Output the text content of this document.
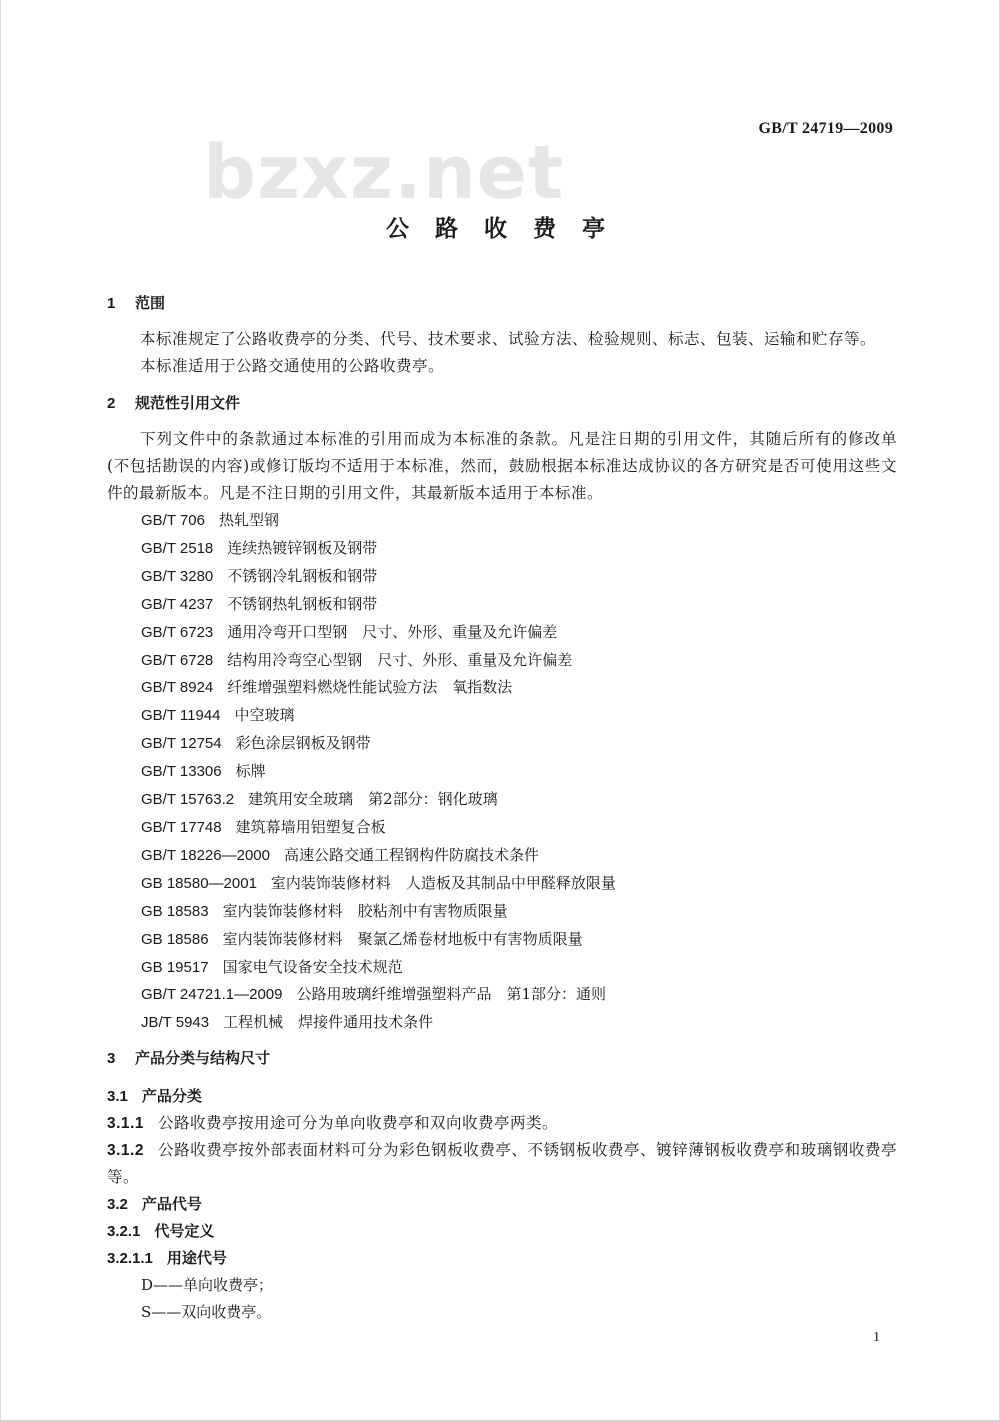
GB/T 24719—2009
bzxz.net
公 路 收 费 亭
1 范围
本标准规定了公路收费亭的分类、代号、技术要求、试验方法、检验规则、标志、包装、运输和贮存等。
本标准适用于公路交通使用的公路收费亭。
2 规范性引用文件
下列文件中的条款通过本标准的引用而成为本标准的条款。凡是注日期的引用文件，其随后所有的修改单(不包括勘误的内容)或修订版均不适用于本标准，然而，鼓励根据本标准达成协议的各方研究是否可使用这些文件的最新版本。凡是不注日期的引用文件，其最新版本适用于本标准。
GB/T 706 热轧型钢
GB/T 2518 连续热镀锌钢板及钢带
GB/T 3280 不锈钢冷轧钢板和钢带
GB/T 4237 不锈钢热轧钢板和钢带
GB/T 6723 通用冷弯开口型钢　尺寸、外形、重量及允许偏差
GB/T 6728 结构用冷弯空心型钢　尺寸、外形、重量及允许偏差
GB/T 8924 纤维增强塑料燃烧性能试验方法　氧指数法
GB/T 11944 中空玻璃
GB/T 12754 彩色涂层钢板及钢带
GB/T 13306 标牌
GB/T 15763.2 建筑用安全玻璃　第2部分：钢化玻璃
GB/T 17748 建筑幕墙用铝塑复合板
GB/T 18226—2000 高速公路交通工程钢构件防腐技术条件
GB 18580—2001 室内装饰装修材料　人造板及其制品中甲醛释放限量
GB 18583 室内装饰装修材料　胶粘剂中有害物质限量
GB 18586 室内装饰装修材料　聚氯乙烯卷材地板中有害物质限量
GB 19517 国家电气设备安全技术规范
GB/T 24721.1—2009 公路用玻璃纤维增强塑料产品　第1部分：通则
JB/T 5943 工程机械　焊接件通用技术条件
3 产品分类与结构尺寸
3.1 产品分类
3.1.1 公路收费亭按用途可分为单向收费亭和双向收费亭两类。
3.1.2 公路收费亭按外部表面材料可分为彩色钢板收费亭、不锈钢板收费亭、镀锌薄钢板收费亭和玻璃钢收费亭等。
3.2 产品代号
3.2.1 代号定义
3.2.1.1 用途代号
D——单向收费亭；
S——双向收费亭。
1
